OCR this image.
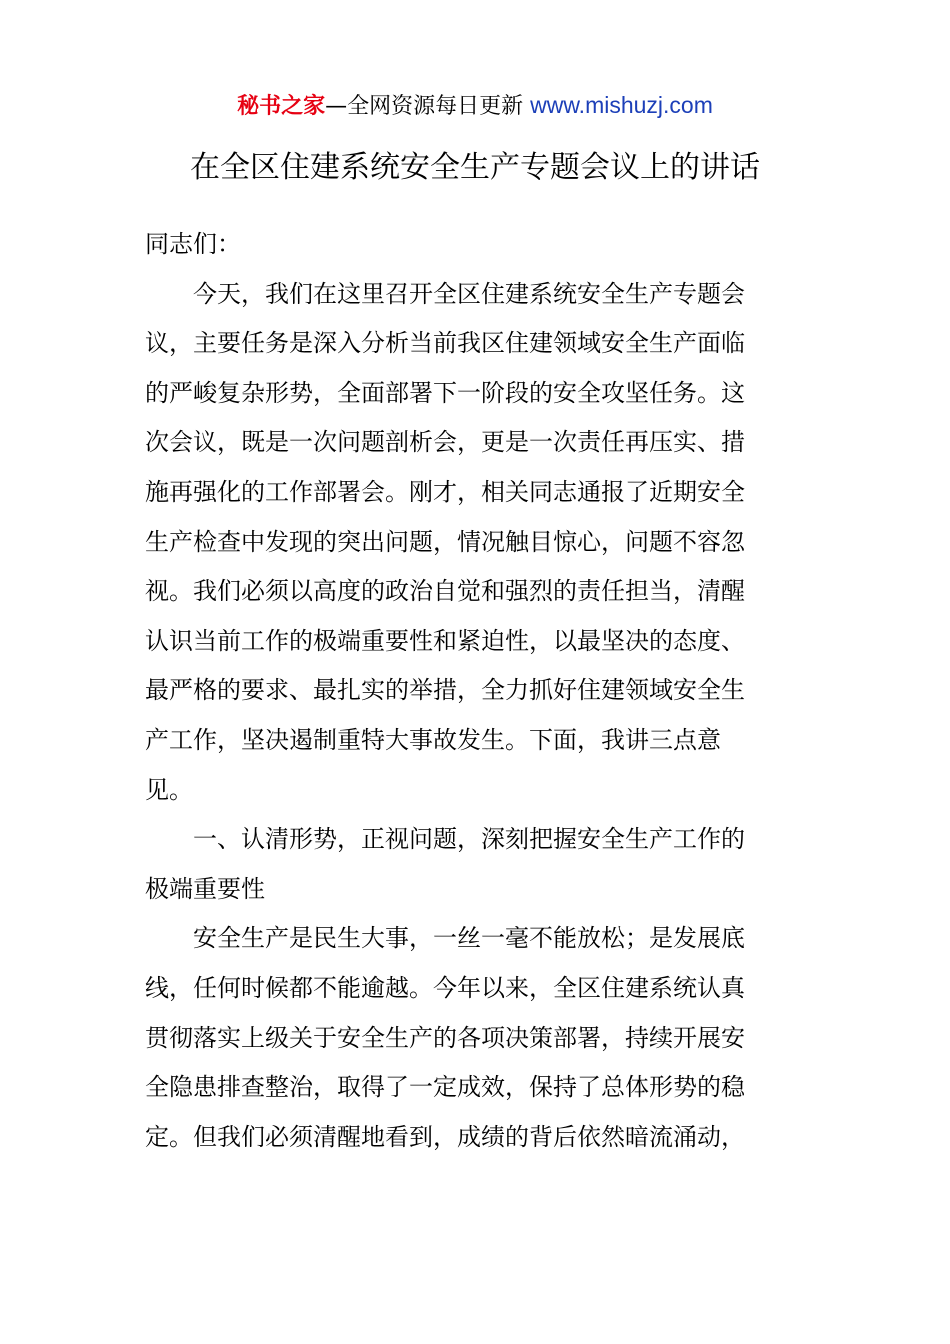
秘书之家—全网资源每日更新 www.mishuzj.com
在全区住建系统安全生产专题会议上的讲话
同志们：
今天，我们在这里召开全区住建系统安全生产专题会
议，主要任务是深入分析当前我区住建领域安全生产面临
的严峻复杂形势，全面部署下一阶段的安全攻坚任务。这
次会议，既是一次问题剖析会，更是一次责任再压实、措
施再强化的工作部署会。刚才，相关同志通报了近期安全
生产检查中发现的突出问题，情况触目惊心，问题不容忽
视。我们必须以高度的政治自觉和强烈的责任担当，清醒
认识当前工作的极端重要性和紧迫性，以最坚决的态度、
最严格的要求、最扎实的举措，全力抓好住建领域安全生
产工作，坚决遏制重特大事故发生。下面，我讲三点意
见。
一、认清形势，正视问题，深刻把握安全生产工作的
极端重要性
安全生产是民生大事，一丝一毫不能放松；是发展底
线，任何时候都不能逾越。今年以来，全区住建系统认真
贯彻落实上级关于安全生产的各项决策部署，持续开展安
全隐患排查整治，取得了一定成效，保持了总体形势的稳
定。但我们必须清醒地看到，成绩的背后依然暗流涌动，
